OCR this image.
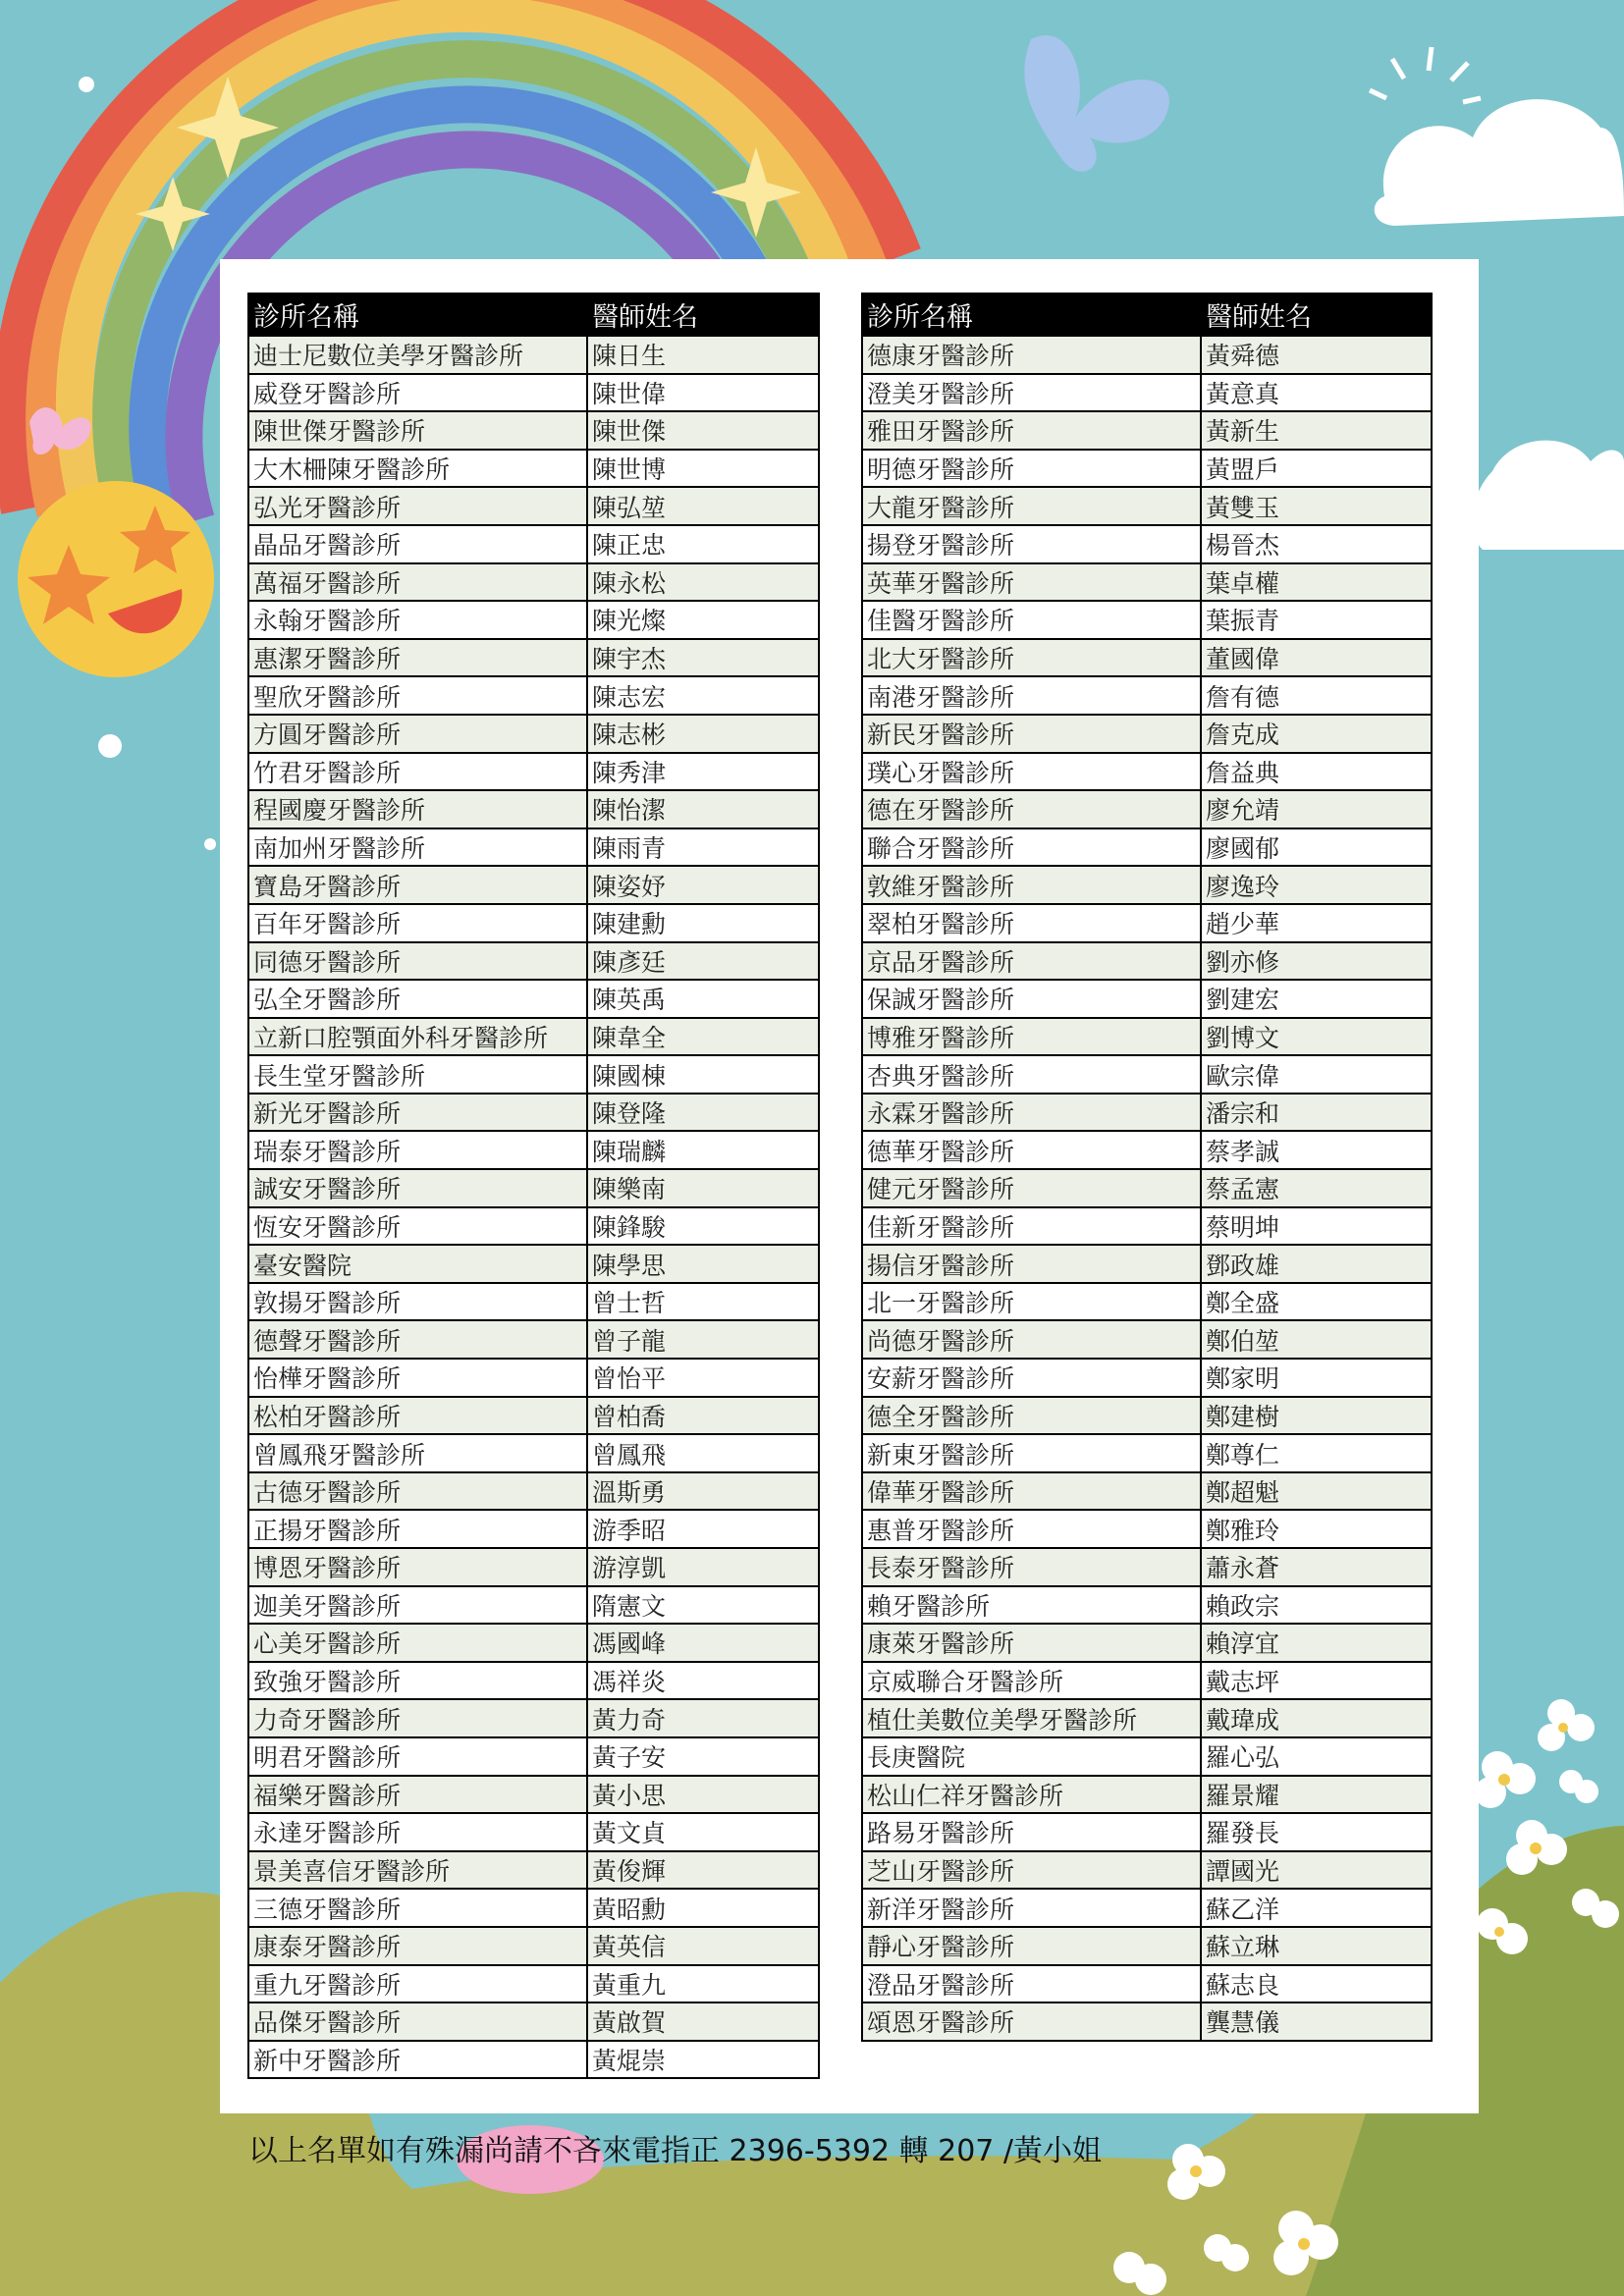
診所名稱	醫師姓名
迪士尼數位美學牙醫診所	陳日生
威登牙醫診所	陳世偉
陳世傑牙醫診所	陳世傑
大木柵陳牙醫診所	陳世博
弘光牙醫診所	陳弘堃
晶品牙醫診所	陳正忠
萬福牙醫診所	陳永松
永翰牙醫診所	陳光燦
惠潔牙醫診所	陳宇杰
聖欣牙醫診所	陳志宏
方圓牙醫診所	陳志彬
竹君牙醫診所	陳秀津
程國慶牙醫診所	陳怡潔
南加州牙醫診所	陳雨青
寶島牙醫診所	陳姿妤
百年牙醫診所	陳建勳
同德牙醫診所	陳彥廷
弘全牙醫診所	陳英禹
立新口腔顎面外科牙醫診所	陳韋全
長生堂牙醫診所	陳國棟
新光牙醫診所	陳登隆
瑞泰牙醫診所	陳瑞麟
誠安牙醫診所	陳樂南
恆安牙醫診所	陳鋒駿
臺安醫院	陳學思
敦揚牙醫診所	曾士哲
德聲牙醫診所	曾子龍
怡樺牙醫診所	曾怡平
松柏牙醫診所	曾柏喬
曾鳳飛牙醫診所	曾鳳飛
古德牙醫診所	溫斯勇
正揚牙醫診所	游季昭
博恩牙醫診所	游淳凱
迦美牙醫診所	隋憲文
心美牙醫診所	馮國峰
致強牙醫診所	馮祥炎
力奇牙醫診所	黃力奇
明君牙醫診所	黃子安
福樂牙醫診所	黃小思
永達牙醫診所	黃文貞
景美喜信牙醫診所	黃俊輝
三德牙醫診所	黃昭勳
康泰牙醫診所	黃英信
重九牙醫診所	黃重九
品傑牙醫診所	黃啟賀
新中牙醫診所	黃焜崇
診所名稱	醫師姓名
德康牙醫診所	黃舜德
澄美牙醫診所	黃意真
雅田牙醫診所	黃新生
明德牙醫診所	黃盟戶
大龍牙醫診所	黃雙玉
揚登牙醫診所	楊晉杰
英華牙醫診所	葉卓權
佳醫牙醫診所	葉振青
北大牙醫診所	董國偉
南港牙醫診所	詹有德
新民牙醫診所	詹克成
璞心牙醫診所	詹益典
德在牙醫診所	廖允靖
聯合牙醫診所	廖國郁
敦維牙醫診所	廖逸玲
翠柏牙醫診所	趙少華
京品牙醫診所	劉亦修
保誠牙醫診所	劉建宏
博雅牙醫診所	劉博文
杏典牙醫診所	歐宗偉
永霖牙醫診所	潘宗和
德華牙醫診所	蔡孝誠
健元牙醫診所	蔡孟憲
佳新牙醫診所	蔡明坤
揚信牙醫診所	鄧政雄
北一牙醫診所	鄭全盛
尚德牙醫診所	鄭伯堃
安薪牙醫診所	鄭家明
德全牙醫診所	鄭建樹
新東牙醫診所	鄭尊仁
偉華牙醫診所	鄭超魁
惠普牙醫診所	鄭雅玲
長泰牙醫診所	蕭永蒼
賴牙醫診所	賴政宗
康萊牙醫診所	賴淳宜
京威聯合牙醫診所	戴志坪
植仕美數位美學牙醫診所	戴瑋成
長庚醫院	羅心弘
松山仁祥牙醫診所	羅景耀
路易牙醫診所	羅發長
芝山牙醫診所	譚國光
新洋牙醫診所	蘇乙洋
靜心牙醫診所	蘇立琳
澄品牙醫診所	蘇志良
頌恩牙醫診所	龔慧儀
以上名單如有殊漏尚請不吝來電指正 2396-5392 轉 207 /黃小姐
